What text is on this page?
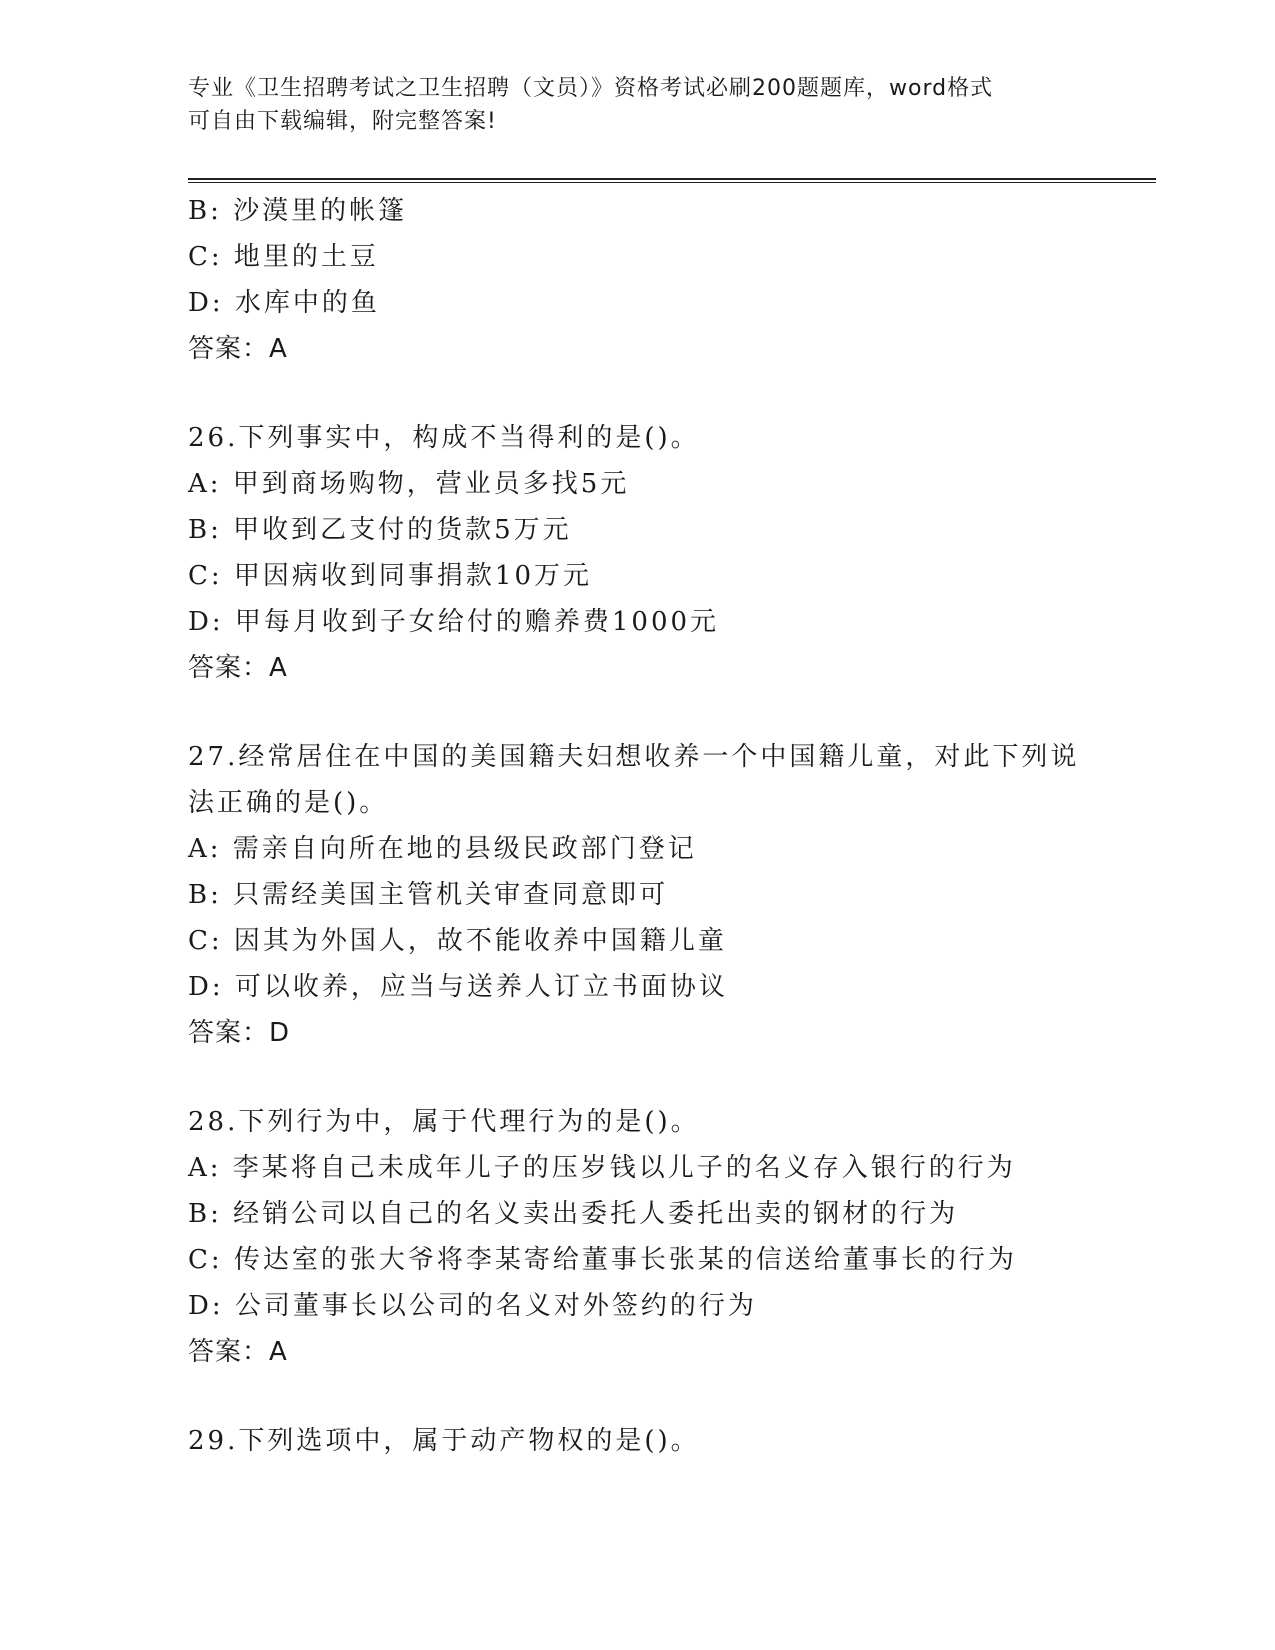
专业《卫生招聘考试之卫生招聘（文员）》资格考试必刷200题题库，word格式
可自由下载编辑，附完整答案!
B: 沙漠里的帐篷
C: 地里的土豆
D: 水库中的鱼
答案：A
26.下列事实中，构成不当得利的是()。
A: 甲到商场购物，营业员多找5元
B: 甲收到乙支付的货款5万元
C: 甲因病收到同事捐款10万元
D: 甲每月收到子女给付的赡养费1000元
答案：A
27.经常居住在中国的美国籍夫妇想收养一个中国籍儿童，对此下列说
法正确的是()。
A: 需亲自向所在地的县级民政部门登记
B: 只需经美国主管机关审查同意即可
C: 因其为外国人，故不能收养中国籍儿童
D: 可以收养，应当与送养人订立书面协议
答案：D
28.下列行为中，属于代理行为的是()。
A: 李某将自己未成年儿子的压岁钱以儿子的名义存入银行的行为
B: 经销公司以自己的名义卖出委托人委托出卖的钢材的行为
C: 传达室的张大爷将李某寄给董事长张某的信送给董事长的行为
D: 公司董事长以公司的名义对外签约的行为
答案：A
29.下列选项中，属于动产物权的是()。
